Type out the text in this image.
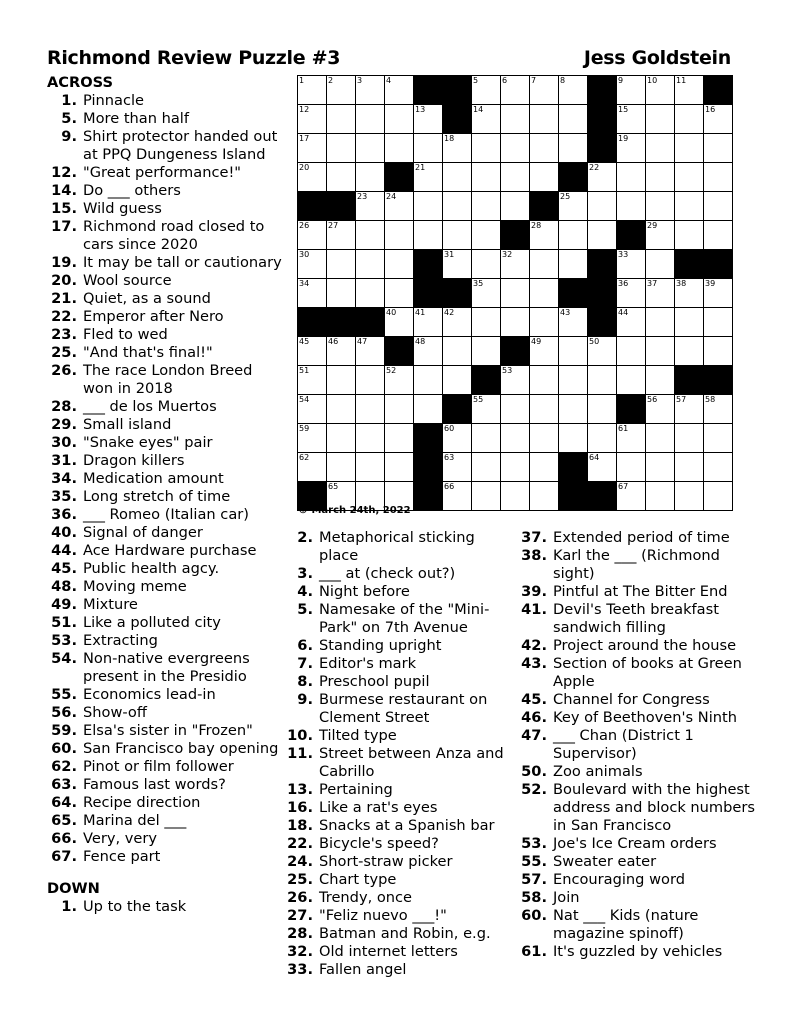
Richmond Review Puzzle #3	Jess Goldstein
ACROSS
1. Pinnacle
5. More than half
9. Shirt protector handed out at PPQ Dungeness Island
12. "Great performance!"
14. Do ___ others
15. Wild guess
17. Richmond road closed to cars since 2020
19. It may be tall or cautionary
20. Wool source
21. Quiet, as a sound
22. Emperor after Nero
23. Fled to wed
25. "And that's final!"
26. The race London Breed won in 2018
28. ___ de los Muertos
29. Small island
30. "Snake eyes" pair
31. Dragon killers
34. Medication amount
35. Long stretch of time
36. ___ Romeo (Italian car)
40. Signal of danger
44. Ace Hardware purchase
45. Public health agcy.
48. Moving meme
49. Mixture
51. Like a polluted city
53. Extracting
54. Non-native evergreens present in the Presidio
55. Economics lead-in
56. Show-off
59. Elsa's sister in "Frozen"
60. San Francisco bay opening
62. Pinot or film follower
63. Famous last words?
64. Recipe direction
65. Marina del ___
66. Very, very
67. Fence part
DOWN
1. Up to the task
1	2	3	4	5	6	7	8	9	10 11
12	13	14	15	16
17	18	19
20	21	22
23 24	25
26 27	28	29
30	31	32	33
34	35	36 37 38 39
40 41 42	43	44
45 46 47	48	49	50
51	52	53
54	55	56 57 58
59	60	61
62	63	64
65	66	67
© March 24th, 2022
2. Metaphorical sticking place
3. ___ at (check out?)
4. Night before
5. Namesake of the "Mini-Park" on 7th Avenue
6. Standing upright
7. Editor's mark
8. Preschool pupil
9. Burmese restaurant on Clement Street
10. Tilted type
11. Street between Anza and Cabrillo
13. Pertaining
16. Like a rat's eyes
18. Snacks at a Spanish bar
22. Bicycle's speed?
24. Short-straw picker
25. Chart type
26. Trendy, once
27. "Feliz nuevo ___!"
28. Batman and Robin, e.g.
32. Old internet letters
33. Fallen angel
37. Extended period of time
38. Karl the ___ (Richmond sight)
39. Pintful at The Bitter End
41. Devil's Teeth breakfast sandwich filling
42. Project around the house
43. Section of books at Green Apple
45. Channel for Congress
46. Key of Beethoven's Ninth
47. ___ Chan (District 1 Supervisor)
50. Zoo animals
52. Boulevard with the highest address and block numbers in San Francisco
53. Joe's Ice Cream orders
55. Sweater eater
57. Encouraging word
58. Join
60. Nat ___ Kids (nature magazine spinoff)
61. It's guzzled by vehicles
